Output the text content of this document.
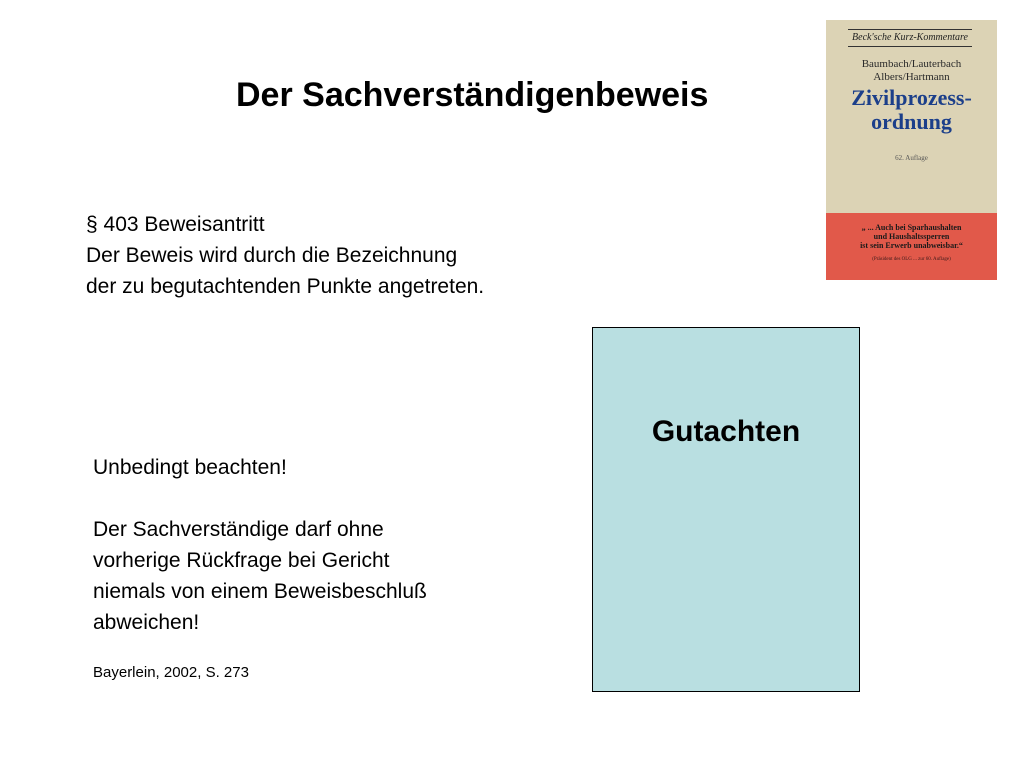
Der Sachverständigenbeweis
§ 403 Beweisantritt
Der Beweis wird durch die Bezeichnung
der zu begutachtenden Punkte angetreten.
Beck'sche Kurz-Kommentare
Baumbach/Lauterbach
Albers/Hartmann
Zivilprozess-
ordnung
62. Auflage
„ ... Auch bei Sparhaushalten
und Haushaltssperren
ist sein Erwerb unabweisbar.“
(Präsident des OLG ... zur 60. Auflage)
Gutachten
Unbedingt beachten!
Der Sachverständige darf ohne
vorherige Rückfrage bei Gericht
niemals von einem Beweisbeschluß
abweichen!
Bayerlein, 2002, S. 273
